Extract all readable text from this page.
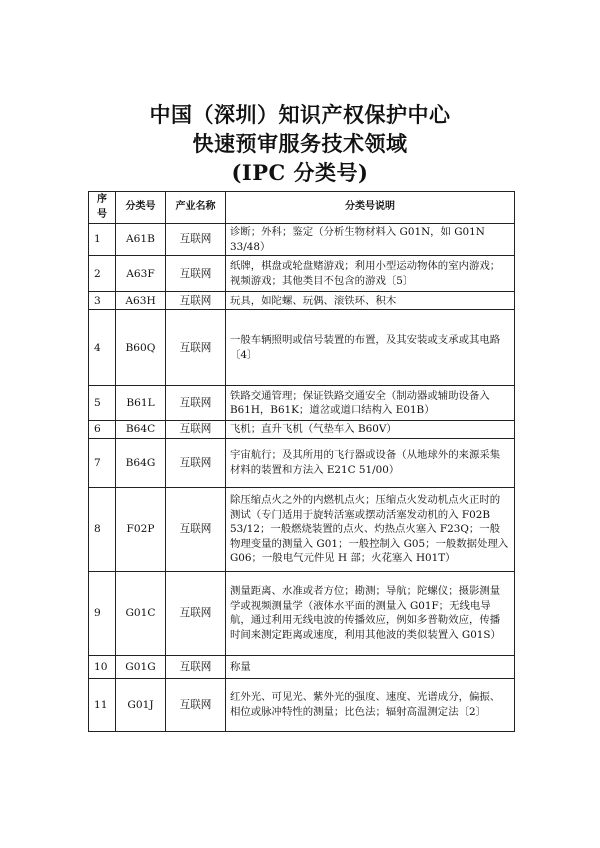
中国（深圳）知识产权保护中心
快速预审服务技术领域
(IPC 分类号)
序号	分类号	产业名称	分类号说明
1	A61B	互联网	诊断；外科；鉴定（分析生物材料入 G01N，如 G01N 33/48）
2	A63F	互联网	纸牌，棋盘或轮盘赌游戏；利用小型运动物体的室内游戏；视频游戏；其他类目不包含的游戏〔5〕
3	A63H	互联网	玩具，如陀螺、玩偶、滚铁环、积木
4	B60Q	互联网	一般车辆照明或信号装置的布置，及其安装或支承或其电路 〔4〕
5	B61L	互联网	铁路交通管理；保证铁路交通安全（制动器或辅助设备入 B61H，B61K；道岔或道口结构入 E01B）
6	B64C	互联网	飞机；直升飞机（气垫车入 B60V）
7	B64G	互联网	宇宙航行；及其所用的飞行器或设备（从地球外的来源采集材料的装置和方法入 E21C 51/00）
8	F02P	互联网	除压缩点火之外的内燃机点火；压缩点火发动机点火正时的测试（专门适用于旋转活塞或摆动活塞发动机的入 F02B 53/12；一般燃烧装置的点火、灼热点火塞入 F23Q；一般物理变量的测量入 G01；一般控制入 G05；一般数据处理入 G06；一般电气元件见 H 部；火花塞入 H01T）
9	G01C	互联网	测量距离、水准或者方位；勘测；导航；陀螺仪；摄影测量学或视频测量学（液体水平面的测量入 G01F；无线电导航，通过利用无线电波的传播效应，例如多普勒效应，传播时间来测定距离或速度，利用其他波的类似装置入 G01S）
10	G01G	互联网	称量
11	G01J	互联网	红外光、可见光、紫外光的强度、速度、光谱成分，偏振、相位或脉冲特性的测量；比色法；辐射高温测定法〔2〕
